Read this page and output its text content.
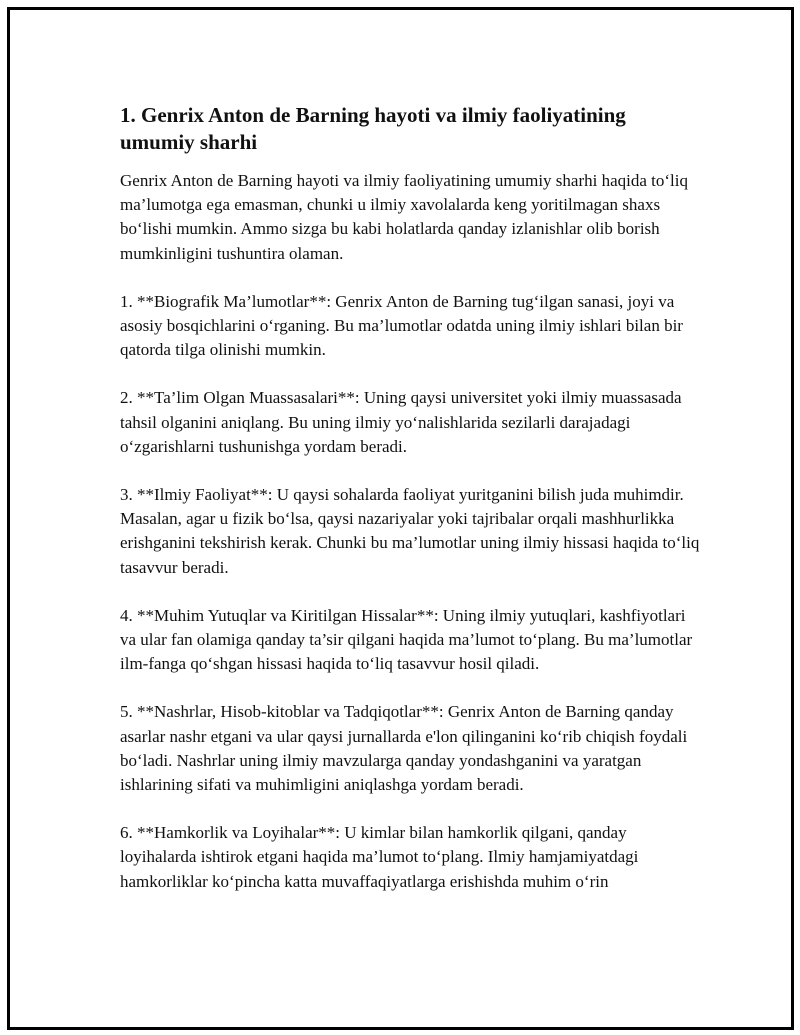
1. Genrix Anton de Barning hayoti va ilmiy faoliyatining umumiy sharhi

Genrix Anton de Barning hayoti va ilmiy faoliyatining umumiy sharhi haqida to‘liq ma’lumotga ega emasman, chunki u ilmiy xavolalarda keng yoritilmagan shaxs bo‘lishi mumkin. Ammo sizga bu kabi holatlarda qanday izlanishlar olib borish mumkinligini tushuntira olaman.

1. **Biografik Ma’lumotlar**: Genrix Anton de Barning tug‘ilgan sanasi, joyi va asosiy bosqichlarini o‘rganing. Bu ma’lumotlar odatda uning ilmiy ishlari bilan bir qatorda tilga olinishi mumkin.

2. **Ta’lim Olgan Muassasalari**: Uning qaysi universitet yoki ilmiy muassasada tahsil olganini aniqlang. Bu uning ilmiy yo‘nalishlarida sezilarli darajadagi o‘zgarishlarni tushunishga yordam beradi.

3. **Ilmiy Faoliyat**: U qaysi sohalarda faoliyat yuritganini bilish juda muhimdir. Masalan, agar u fizik bo‘lsa, qaysi nazariyalar yoki tajribalar orqali mashhurlikka erishganini tekshirish kerak. Chunki bu ma’lumotlar uning ilmiy hissasi haqida to‘liq tasavvur beradi.

4. **Muhim Yutuqlar va Kiritilgan Hissalar**: Uning ilmiy yutuqlari, kashfiyotlari va ular fan olamiga qanday ta’sir qilgani haqida ma’lumot to‘plang. Bu ma’lumotlar ilm-fanga qo‘shgan hissasi haqida to‘liq tasavvur hosil qiladi.

5. **Nashrlar, Hisob-kitoblar va Tadqiqotlar**: Genrix Anton de Barning qanday asarlar nashr etgani va ular qaysi jurnallarda e'lon qilinganini ko‘rib chiqish foydali bo‘ladi. Nashrlar uning ilmiy mavzularga qanday yondashganini va yaratgan ishlarining sifati va muhimligini aniqlashga yordam beradi.

6. **Hamkorlik va Loyihalar**: U kimlar bilan hamkorlik qilgani, qanday loyihalarda ishtirok etgani haqida ma’lumot to‘plang. Ilmiy hamjamiyatdagi hamkorliklar ko‘pincha katta muvaffaqiyatlarga erishishda muhim o‘rin
